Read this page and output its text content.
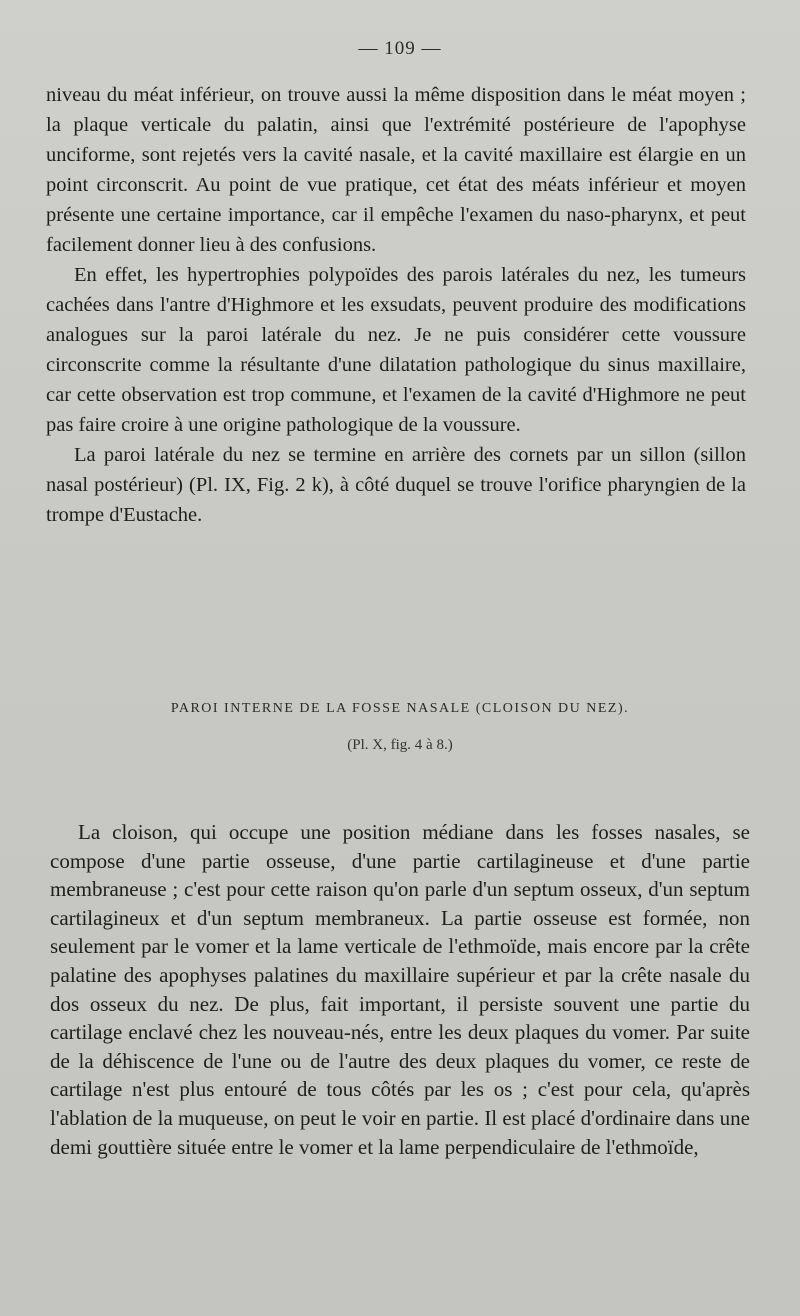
— 109 —

niveau du méat inférieur, on trouve aussi la même disposition dans le méat moyen ; la plaque verticale du palatin, ainsi que l'extrémité postérieure de l'apophyse unciforme, sont rejetés vers la cavité nasale, et la cavité maxillaire est élargie en un point circonscrit. Au point de vue pratique, cet état des méats inférieur et moyen présente une certaine importance, car il empêche l'examen du naso-pharynx, et peut facilement donner lieu à des confusions.

En effet, les hypertrophies polypoïdes des parois latérales du nez, les tumeurs cachées dans l'antre d'Highmore et les exsudats, peuvent produire des modifications analogues sur la paroi latérale du nez. Je ne puis considérer cette voussure circonscrite comme la résultante d'une dilatation pathologique du sinus maxillaire, car cette observation est trop commune, et l'examen de la cavité d'Highmore ne peut pas faire croire à une origine pathologique de la voussure.

La paroi latérale du nez se termine en arrière des cornets par un sillon (sillon nasal postérieur) (Pl. IX, Fig. 2 k), à côté duquel se trouve l'orifice pharyngien de la trompe d'Eustache.

PAROI INTERNE DE LA FOSSE NASALE (CLOISON DU NEZ).
(Pl. X, fig. 4 à 8.)

La cloison, qui occupe une position médiane dans les fosses nasales, se compose d'une partie osseuse, d'une partie cartilagineuse et d'une partie membraneuse ; c'est pour cette raison qu'on parle d'un septum osseux, d'un septum cartilagineux et d'un septum membraneux. La partie osseuse est formée, non seulement par le vomer et la lame verticale de l'ethmoïde, mais encore par la crête palatine des apophyses palatines du maxillaire supérieur et par la crête nasale du dos osseux du nez. De plus, fait important, il persiste souvent une partie du cartilage enclavé chez les nouveau-nés, entre les deux plaques du vomer. Par suite de la déhiscence de l'une ou de l'autre des deux plaques du vomer, ce reste de cartilage n'est plus entouré de tous côtés par les os ; c'est pour cela, qu'après l'ablation de la muqueuse, on peut le voir en partie. Il est placé d'ordinaire dans une demi gouttière située entre le vomer et la lame perpendiculaire de l'ethmoïde,
